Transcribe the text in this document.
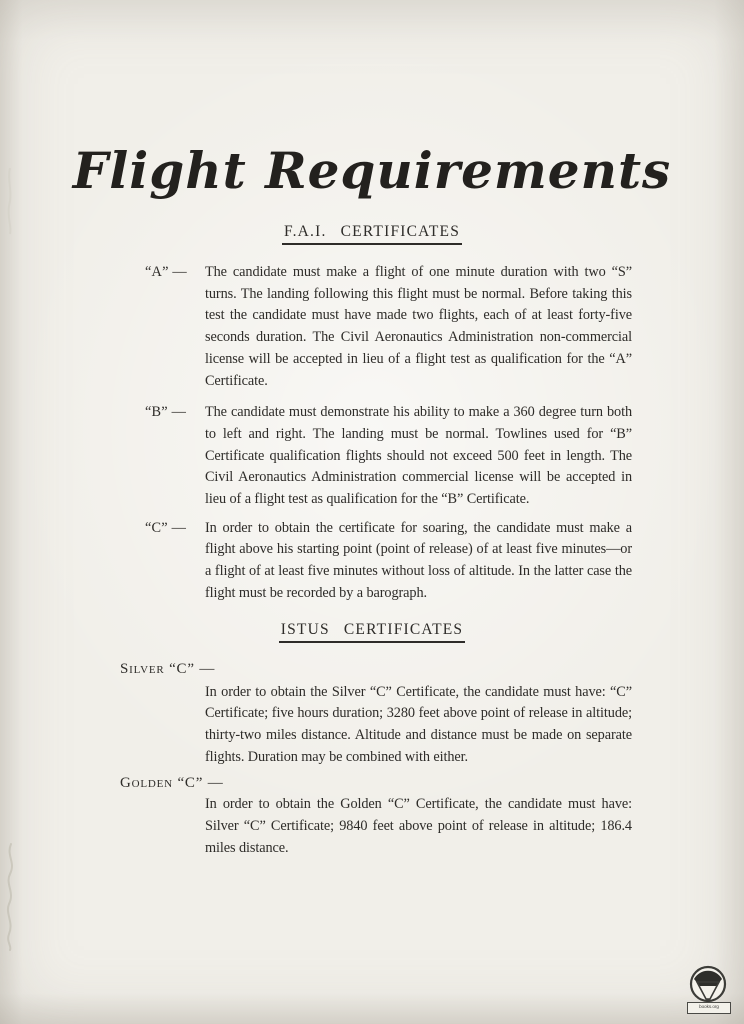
Flight Requirements
F.A.I. CERTIFICATES
“A” —	The candidate must make a flight of one minute duration with two “S” turns. The landing following this flight must be normal. Before taking this test the candidate must have made two flights, each of at least forty-five seconds duration. The Civil Aeronautics Administration non-commercial license will be accepted in lieu of a flight test as qualification for the “A” Certificate.
“B” —	The candidate must demonstrate his ability to make a 360 degree turn both to left and right. The landing must be normal. Towlines used for “B” Certificate qualification flights should not exceed 500 feet in length. The Civil Aeronautics Administration commercial license will be accepted in lieu of a flight test as qualification for the “B” Certificate.
“C” —	In order to obtain the certificate for soaring, the candidate must make a flight above his starting point (point of release) of at least five minutes—or a flight of at least five minutes without loss of altitude. In the latter case the flight must be recorded by a barograph.
ISTUS CERTIFICATES
Silver “C” —
In order to obtain the Silver “C” Certificate, the candidate must have: “C” Certificate; five hours duration; 3280 feet above point of release in altitude; thirty-two miles distance. Altitude and distance must be made on separate flights. Duration may be combined with either.
Golden “C” —
In order to obtain the Golden “C” Certificate, the candidate must have: Silver “C” Certificate; 9840 feet above point of release in altitude; 186.4 miles distance.
books.org
